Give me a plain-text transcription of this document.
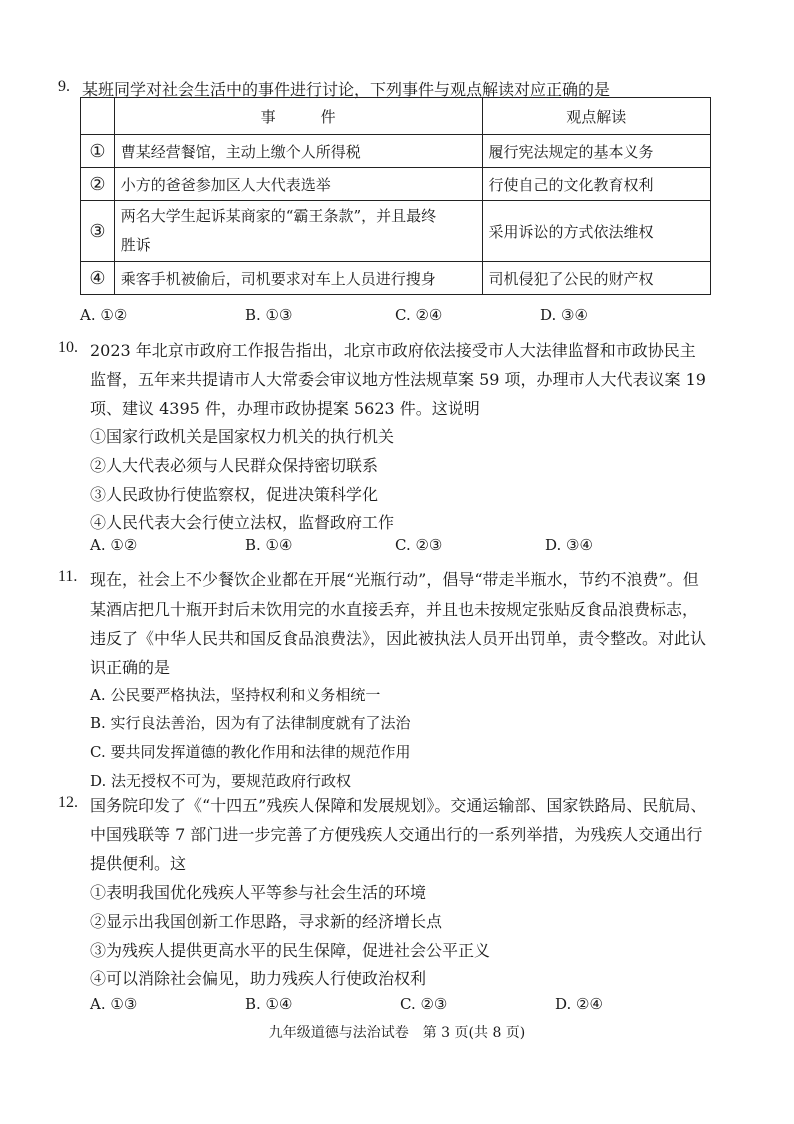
9. 某班同学对社会生活中的事件进行讨论，下列事件与观点解读对应正确的是
	事　　　件	观点解读
①	曹某经营餐馆，主动上缴个人所得税	履行宪法规定的基本义务
②	小方的爸爸参加区人大代表选举	行使自己的文化教育权利
③	两名大学生起诉某商家的“霸王条款”，并且最终
胜诉	采用诉讼的方式依法维权
④	乘客手机被偷后，司机要求对车上人员进行搜身	司机侵犯了公民的财产权
A. ①②	B. ①③	C. ②④	D. ③④
10. 2023 年北京市政府工作报告指出，北京市政府依法接受市人大法律监督和市政协民主
监督，五年来共提请市人大常委会审议地方性法规草案 59 项，办理市人大代表议案 19
项、建议 4395 件，办理市政协提案 5623 件。这说明
①国家行政机关是国家权力机关的执行机关
②人大代表必须与人民群众保持密切联系
③人民政协行使监察权，促进决策科学化
④人民代表大会行使立法权，监督政府工作
A. ①②	B. ①④	C. ②③	D. ③④
11. 现在，社会上不少餐饮企业都在开展“光瓶行动”，倡导“带走半瓶水，节约不浪费”。但
某酒店把几十瓶开封后未饮用完的水直接丢弃，并且也未按规定张贴反食品浪费标志，
违反了《中华人民共和国反食品浪费法》，因此被执法人员开出罚单，责令整改。对此认
识正确的是
A. 公民要严格执法，坚持权利和义务相统一
B. 实行良法善治，因为有了法律制度就有了法治
C. 要共同发挥道德的教化作用和法律的规范作用
D. 法无授权不可为，要规范政府行政权
12. 国务院印发了《“十四五”残疾人保障和发展规划》。交通运输部、国家铁路局、民航局、
中国残联等 7 部门进一步完善了方便残疾人交通出行的一系列举措，为残疾人交通出行
提供便利。这
①表明我国优化残疾人平等参与社会生活的环境
②显示出我国创新工作思路，寻求新的经济增长点
③为残疾人提供更高水平的民生保障，促进社会公平正义
④可以消除社会偏见，助力残疾人行使政治权利
A. ①③	B. ①④	C. ②③	D. ②④
九年级道德与法治试卷　第 3 页(共 8 页)
